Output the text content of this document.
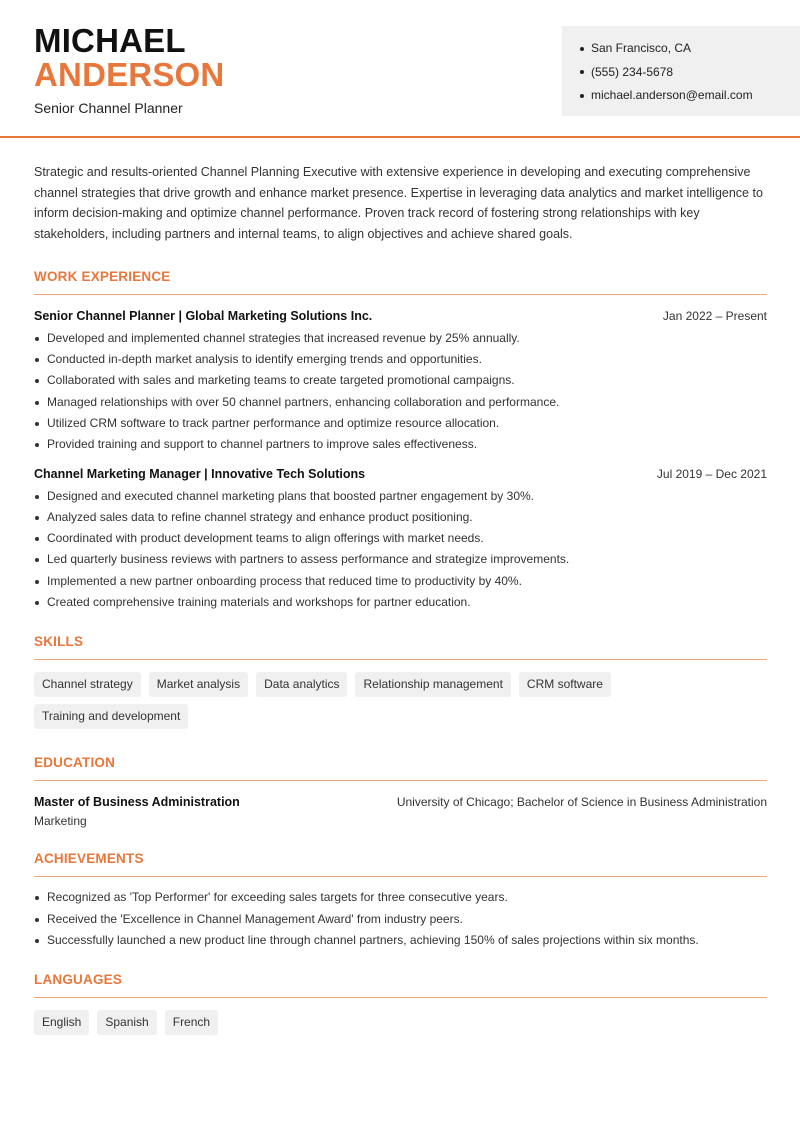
MICHAEL
ANDERSON
Senior Channel Planner
San Francisco, CA
(555) 234-5678
michael.anderson@email.com

Strategic and results-oriented Channel Planning Executive with extensive experience in developing and executing comprehensive channel strategies that drive growth and enhance market presence. Expertise in leveraging data analytics and market intelligence to inform decision-making and optimize channel performance. Proven track record of fostering strong relationships with key stakeholders, including partners and internal teams, to align objectives and achieve shared goals.

WORK EXPERIENCE
Senior Channel Planner | Global Marketing Solutions Inc.	Jan 2022 – Present
Developed and implemented channel strategies that increased revenue by 25% annually.
Conducted in-depth market analysis to identify emerging trends and opportunities.
Collaborated with sales and marketing teams to create targeted promotional campaigns.
Managed relationships with over 50 channel partners, enhancing collaboration and performance.
Utilized CRM software to track partner performance and optimize resource allocation.
Provided training and support to channel partners to improve sales effectiveness.
Channel Marketing Manager | Innovative Tech Solutions	Jul 2019 – Dec 2021
Designed and executed channel marketing plans that boosted partner engagement by 30%.
Analyzed sales data to refine channel strategy and enhance product positioning.
Coordinated with product development teams to align offerings with market needs.
Led quarterly business reviews with partners to assess performance and strategize improvements.
Implemented a new partner onboarding process that reduced time to productivity by 40%.
Created comprehensive training materials and workshops for partner education.
SKILLS
Channel strategy	Market analysis	Data analytics	Relationship management	CRM software
Training and development
EDUCATION
Master of Business Administration	University of Chicago; Bachelor of Science in Business Administration
Marketing
ACHIEVEMENTS
Recognized as 'Top Performer' for exceeding sales targets for three consecutive years.
Received the 'Excellence in Channel Management Award' from industry peers.
Successfully launched a new product line through channel partners, achieving 150% of sales projections within six months.
LANGUAGES
English	Spanish	French
